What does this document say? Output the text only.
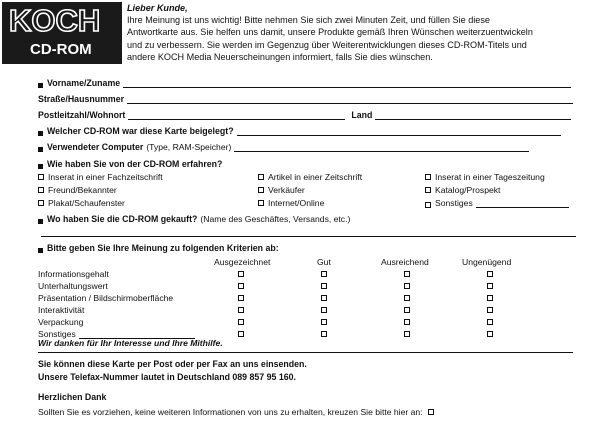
KOCH
CD-ROM
Lieber Kunde,
Ihre Meinung ist uns wichtig! Bitte nehmen Sie sich zwei Minuten Zeit, und füllen Sie diese
Antwortkarte aus. Sie helfen uns damit, unsere Produkte gemäß Ihren Wünschen weiterzuentwickeln
und zu verbessern. Sie werden im Gegenzug über Weiterentwicklungen dieses CD-ROM-Titels und
andere KOCH Media Neuerscheinungen informiert, falls Sie dies wünschen.
Vorname/Zuname
Straße/Hausnummer
Postleitzahl/Wohnort	Land
Welcher CD-ROM war diese Karte beigelegt?
Verwendeter Computer (Type, RAM-Speicher)
Wie haben Sie von der CD-ROM erfahren?
Inserat in einer Fachzeitschrift	Artikel in einer Zeitschrift	Inserat in einer Tageszeitung
Freund/Bekannter	Verkäufer	Katalog/Prospekt
Plakat/Schaufenster	Internet/Online	Sonstiges
Wo haben Sie die CD-ROM gekauft? (Name des Geschäftes, Versands, etc.)
Bitte geben Sie Ihre Meinung zu folgenden Kriterien ab:
Ausgezeichnet	Gut	Ausreichend	Ungenügend
Informationsgehalt
Unterhaltungswert
Präsentation / Bildschirmoberfläche
Interaktivität
Verpackung
Sonstiges
Wir danken für Ihr Interesse und Ihre Mithilfe.
Sie können diese Karte per Post oder per Fax an uns einsenden.
Unsere Telefax-Nummer lautet in Deutschland 089 857 95 160.
Herzlichen Dank
Sollten Sie es vorziehen, keine weiteren Informationen von uns zu erhalten, kreuzen Sie bitte hier an:
